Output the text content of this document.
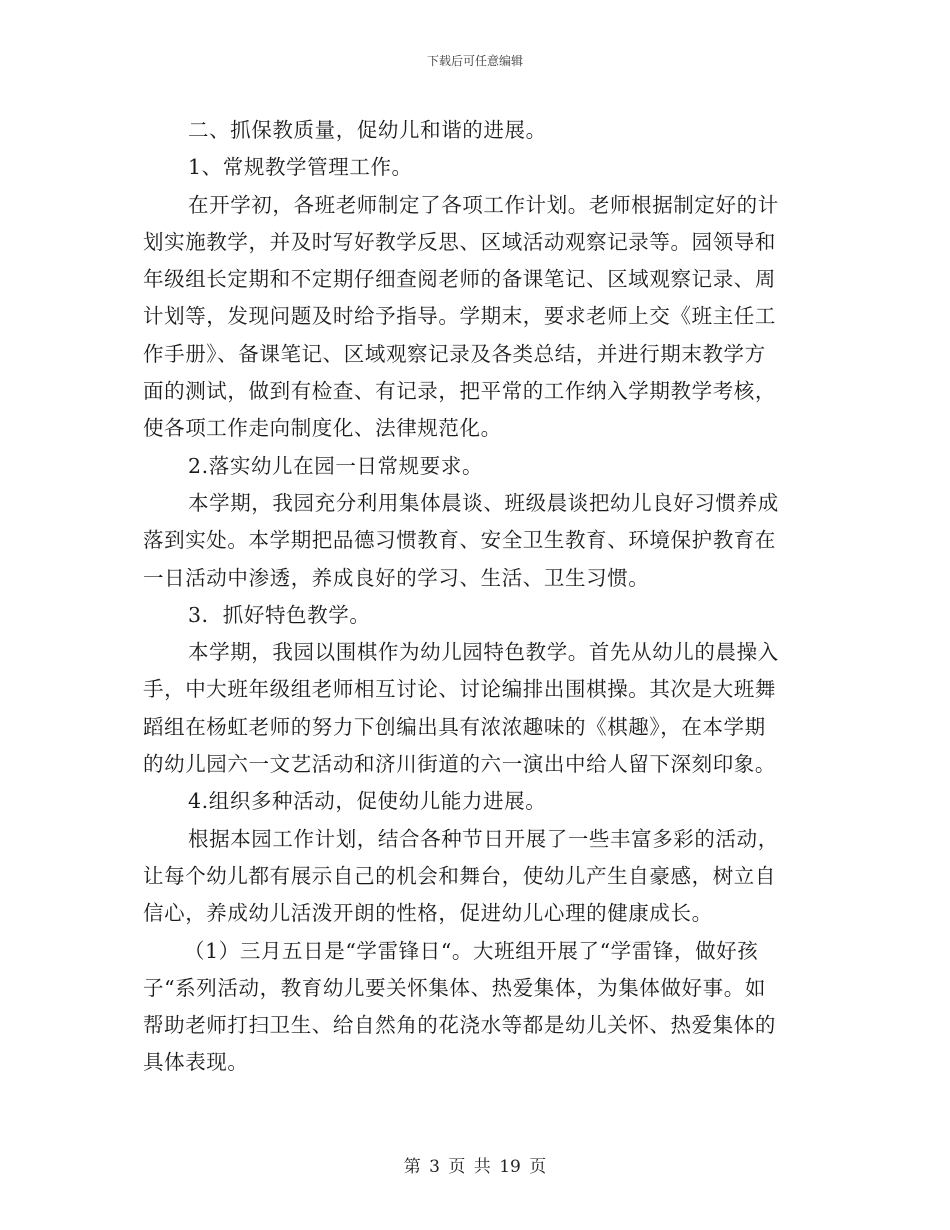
下载后可任意编辑
二、抓保教质量，促幼儿和谐的进展。
1、常规教学管理工作。
在开学初，各班老师制定了各项工作计划。老师根据制定好的计
划实施教学，并及时写好教学反思、区域活动观察记录等。园领导和
年级组长定期和不定期仔细查阅老师的备课笔记、区域观察记录、周
计划等，发现问题及时给予指导。学期末，要求老师上交《班主任工
作手册》、备课笔记、区域观察记录及各类总结，并进行期末教学方
面的测试，做到有检查、有记录，把平常的工作纳入学期教学考核，
使各项工作走向制度化、法律规范化。
2.落实幼儿在园一日常规要求。
本学期，我园充分利用集体晨谈、班级晨谈把幼儿良好习惯养成
落到实处。本学期把品德习惯教育、安全卫生教育、环境保护教育在
一日活动中渗透，养成良好的学习、生活、卫生习惯。
3．抓好特色教学。
本学期，我园以围棋作为幼儿园特色教学。首先从幼儿的晨操入
手，中大班年级组老师相互讨论、讨论编排出围棋操。其次是大班舞
蹈组在杨虹老师的努力下创编出具有浓浓趣味的《棋趣》，在本学期
的幼儿园六一文艺活动和济川街道的六一演出中给人留下深刻印象。
4.组织多种活动，促使幼儿能力进展。
根据本园工作计划，结合各种节日开展了一些丰富多彩的活动，
让每个幼儿都有展示自己的机会和舞台，使幼儿产生自豪感，树立自
信心，养成幼儿活泼开朗的性格，促进幼儿心理的健康成长。
（1）三月五日是“学雷锋日“。大班组开展了“学雷锋，做好孩
子“系列活动，教育幼儿要关怀集体、热爱集体，为集体做好事。如
帮助老师打扫卫生、给自然角的花浇水等都是幼儿关怀、热爱集体的
具体表现。
第 3 页 共 19 页
